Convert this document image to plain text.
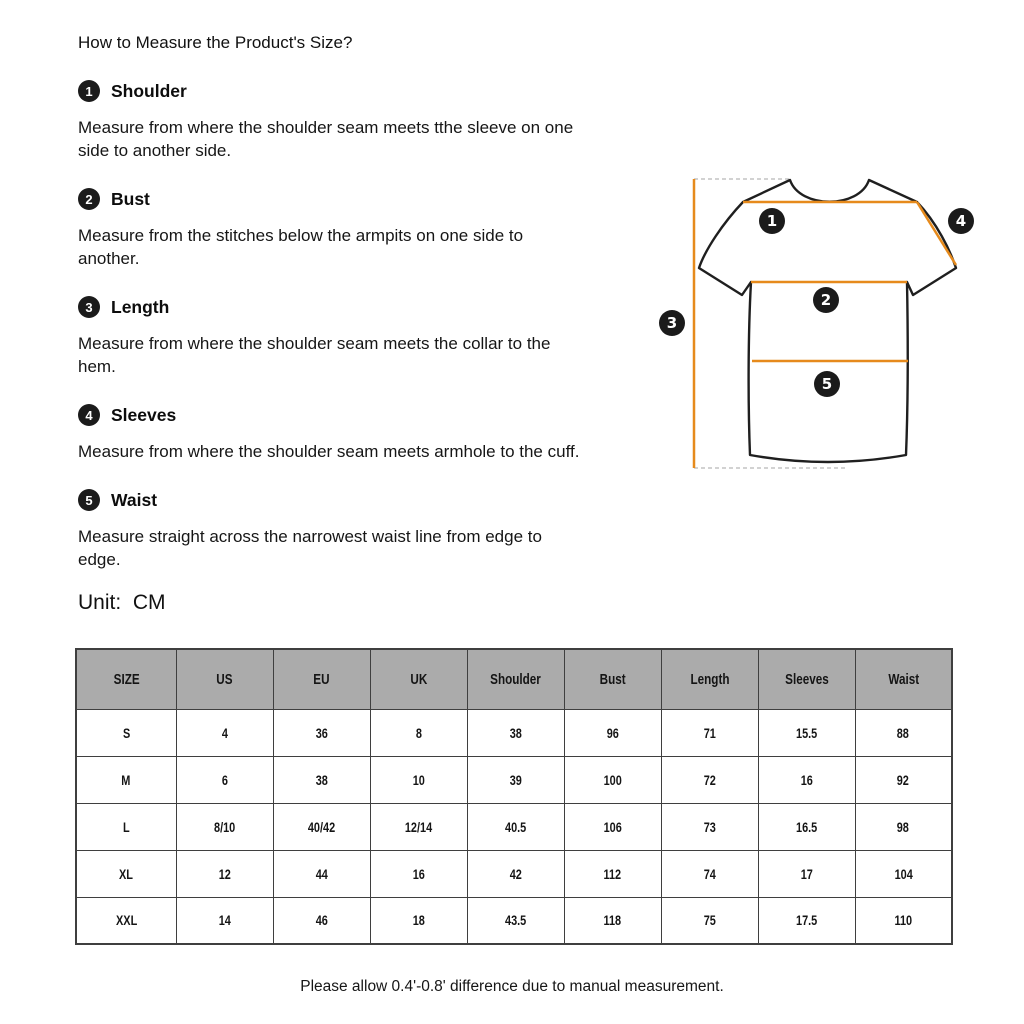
How to Measure the Product's Size?
1	Shoulder

Measure from where the shoulder seam meets tthe sleeve on one side to another side.

2	Bust

Measure from the stitches below the armpits on one side to another.

3	Length

Measure from where the shoulder seam meets the collar to the hem.

4	Sleeves

Measure from where the shoulder seam meets armhole to the cuff.

5	Waist

Measure straight across the narrowest waist line from edge to edge.

Unit:  CM
1
2
3
4
5
SIZE	US	EU	UK	Shoulder	Bust	Length	Sleeves	Waist
S	4	36	8	38	96	71	15.5	88
M	6	38	10	39	100	72	16	92
L	8/10	40/42	12/14	40.5	106	73	16.5	98
XL	12	44	16	42	112	74	17	104
XXL	14	46	18	43.5	118	75	17.5	110
Please allow 0.4'-0.8' difference due to manual measurement.
